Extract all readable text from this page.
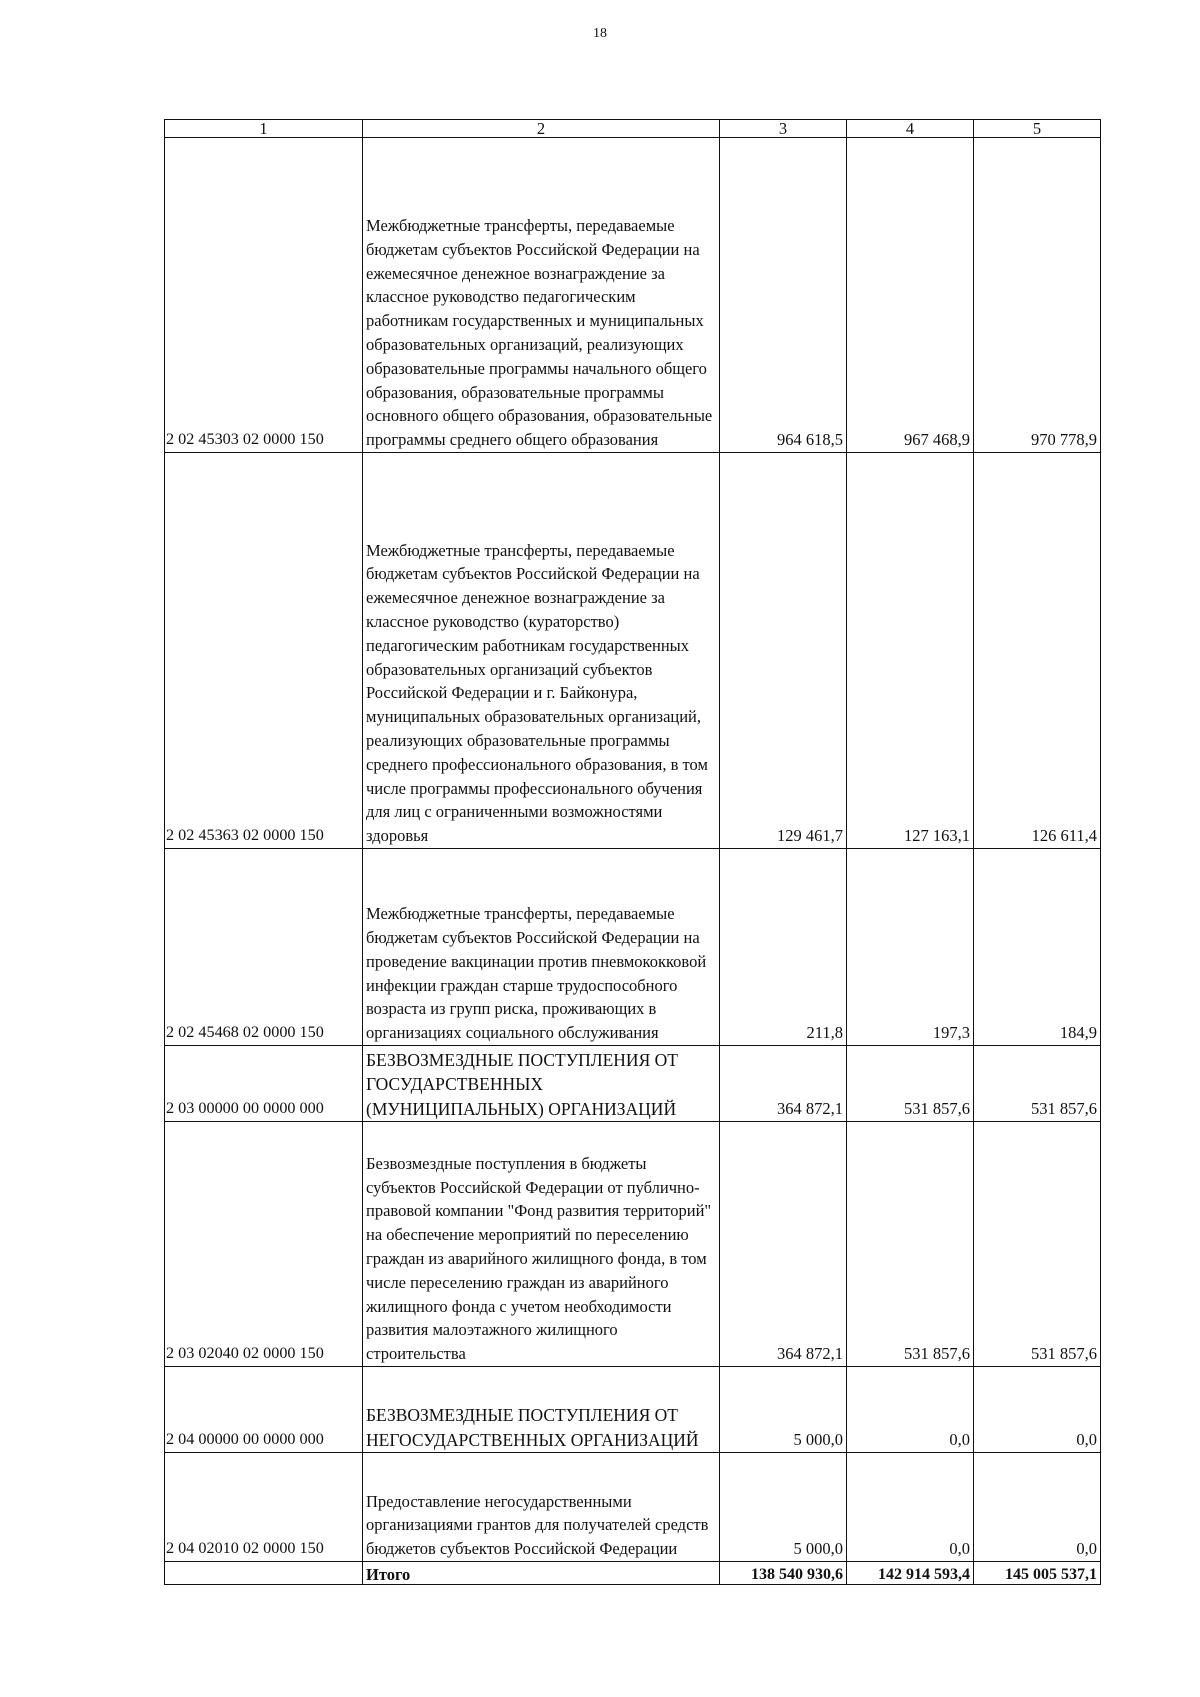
18
1	2	3	4	5
2 02 45303 02 0000 150	Межбюджетные трансферты, передаваемые бюджетам субъектов Российской Федерации на ежемесячное денежное вознаграждение за классное руководство педагогическим работникам государственных и муниципальных образовательных организаций, реализующих образовательные программы начального общего образования, образовательные программы основного общего образования, образовательные программы среднего общего образования	964 618,5	967 468,9	970 778,9
2 02 45363 02 0000 150	Межбюджетные трансферты, передаваемые бюджетам субъектов Российской Федерации на ежемесячное денежное вознаграждение за классное руководство (кураторство) педагогическим работникам государственных образовательных организаций субъектов Российской Федерации и г. Байконура, муниципальных образовательных организаций, реализующих образовательные программы среднего профессионального образования, в том числе программы профессионального обучения для лиц с ограниченными возможностями здоровья	129 461,7	127 163,1	126 611,4
2 02 45468 02 0000 150	Межбюджетные трансферты, передаваемые бюджетам субъектов Российской Федерации на проведение вакцинации против пневмококковой инфекции граждан старше трудоспособного возраста из групп риска, проживающих в организациях социального обслуживания	211,8	197,3	184,9
2 03 00000 00 0000 000	БЕЗВОЗМЕЗДНЫЕ ПОСТУПЛЕНИЯ ОТ ГОСУДАРСТВЕННЫХ (МУНИЦИПАЛЬНЫХ) ОРГАНИЗАЦИЙ	364 872,1	531 857,6	531 857,6
2 03 02040 02 0000 150	Безвозмездные поступления в бюджеты субъектов Российской Федерации от публично-правовой компании "Фонд развития территорий" на обеспечение мероприятий по переселению граждан из аварийного жилищного фонда, в том числе переселению граждан из аварийного жилищного фонда с учетом необходимости развития малоэтажного жилищного строительства	364 872,1	531 857,6	531 857,6
2 04 00000 00 0000 000	БЕЗВОЗМЕЗДНЫЕ ПОСТУПЛЕНИЯ ОТ НЕГОСУДАРСТВЕННЫХ ОРГАНИЗАЦИЙ	5 000,0	0,0	0,0
2 04 02010 02 0000 150	Предоставление негосударственными организациями грантов для получателей средств бюджетов субъектов Российской Федерации	5 000,0	0,0	0,0
	Итого	138 540 930,6	142 914 593,4	145 005 537,1
